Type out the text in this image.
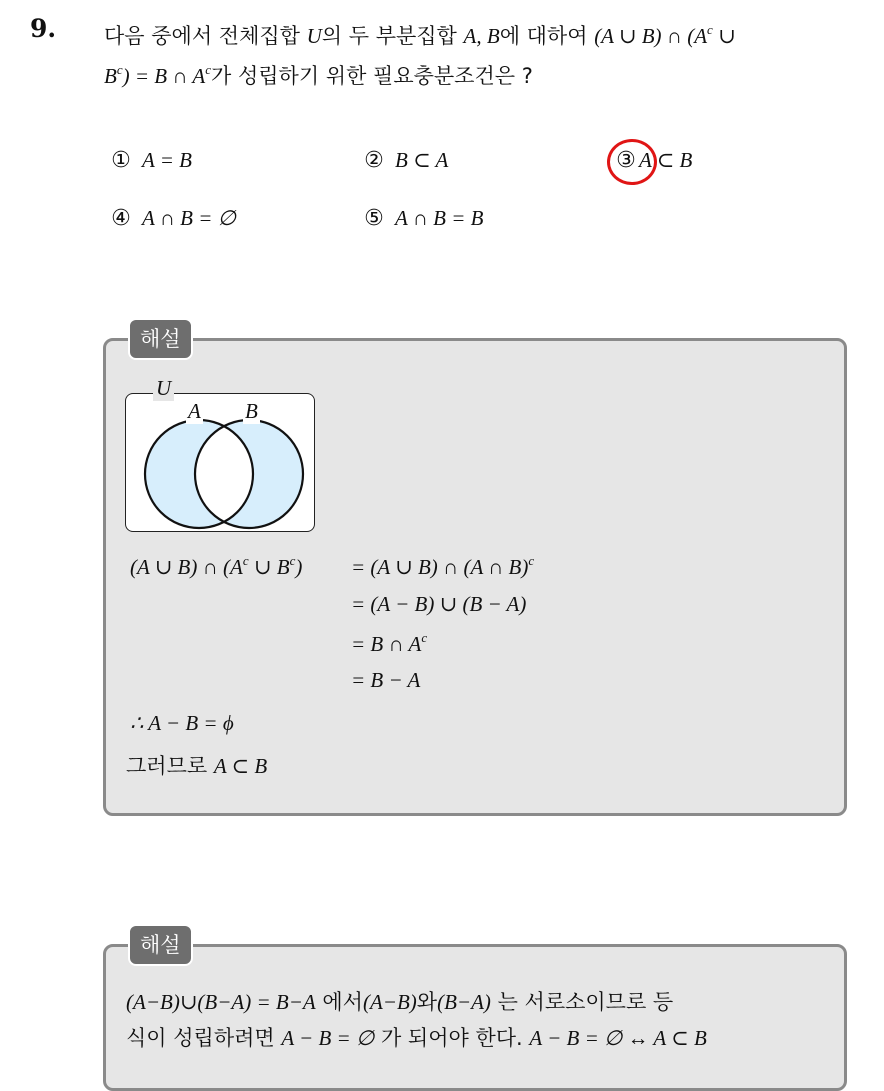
9. 다음 중에서 전체집합 U의 두 부분집합 A, B에 대하여 (A ∪ B) ∩ ($A^c$ ∪
$B^c) = B$ ∩ $A^c$가 성립하기 위한 필요충분조건은 ?
① A = B	② B ⊂ A	③ A ⊂ B
④ A ∩ B = ∅	⑤ A ∩ B = B
해설
U
A B
(A ∪ B) ∩ ($A^c$ ∪ $B^c) = (A$ ∪ B) ∩ (A ∩ B)$^c$
= (A − B) ∪ (B − A)
= B ∩ $A^c$
= B − A
∴ A − B = ϕ
그러므로 A ⊂ B
해설
(A−B)∪(B−A) = B−A 에서(A−B)와(B−A) 는 서로소이므로 등
식이 성립하려면 A − B = ∅ 가 되어야 한다. A − B = ∅ ↔ A ⊂ B
